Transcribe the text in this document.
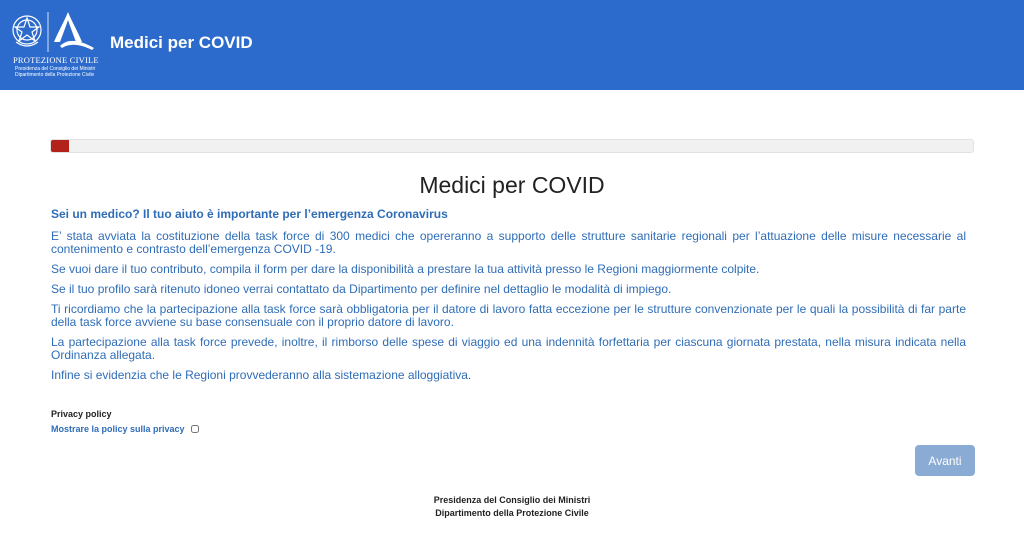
PROTEZIONE CIVILE
Presidenza del Consiglio dei Ministri
Dipartimento della Protezione Civile
Medici per COVID
Medici per COVID

Sei un medico? Il tuo aiuto è importante per l’emergenza Coronavirus

E’ stata avviata la costituzione della task force di 300 medici che opereranno a supporto delle strutture sanitarie regionali per l’attuazione delle misure necessarie al contenimento e contrasto dell’emergenza COVID -19.

Se vuoi dare il tuo contributo, compila il form per dare la disponibilità a prestare la tua attività presso le Regioni maggiormente colpite.

Se il tuo profilo sarà ritenuto idoneo verrai contattato da Dipartimento per definire nel dettaglio le modalità di impiego.

Ti ricordiamo che la partecipazione alla task force sarà obbligatoria per il datore di lavoro fatta eccezione per le strutture convenzionate per le quali la possibilità di far parte della task force avviene su base consensuale con il proprio datore di lavoro.

La partecipazione alla task force prevede, inoltre, il rimborso delle spese di viaggio ed una indennità forfettaria per ciascuna giornata prestata, nella misura indicata nella Ordinanza allegata.

Infine si evidenzia che le Regioni provvederanno alla sistemazione alloggiativa.

Privacy policy
Mostrare la policy sulla privacy
Avanti
Presidenza del Consiglio dei Ministri
Dipartimento della Protezione Civile
